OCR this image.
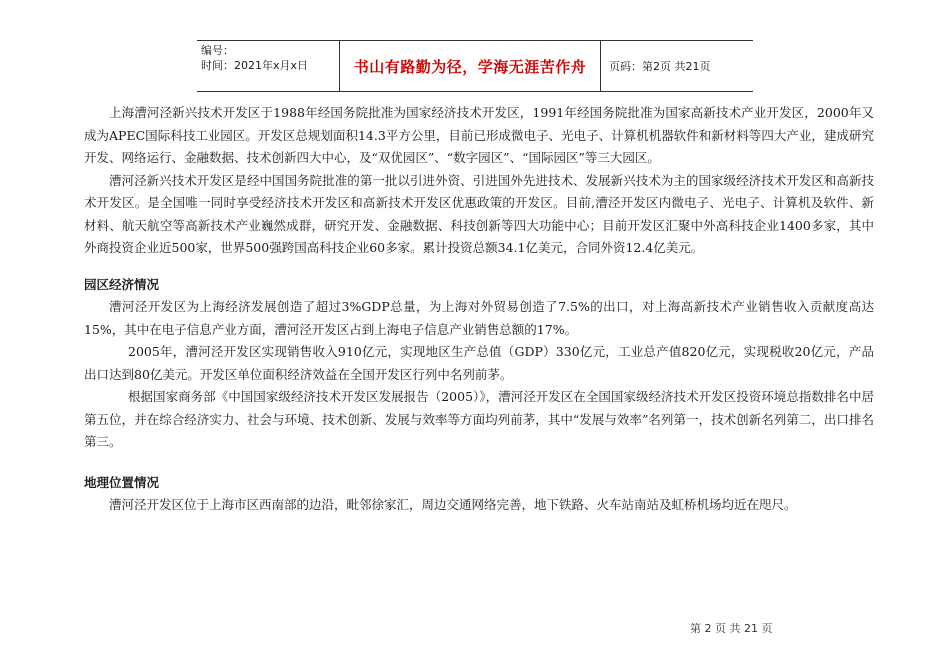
编号：
时间：2021年x月x日	书山有路勤为径，学海无涯苦作舟	页码：第2页 共21页

上海漕河泾新兴技术开发区于1988年经国务院批准为国家经济技术开发区，1991年经国务院批准为国家高新技术产业开发区，2000年又成为APEC国际科技工业园区。开发区总规划面积14.3平方公里，目前已形成微电子、光电子、计算机机器软件和新材料等四大产业，建成研究开发、网络运行、金融数据、技术创新四大中心，及“双优园区”、“数字园区”、“国际园区”等三大园区。

漕河泾新兴技术开发区是经中国国务院批准的第一批以引进外资、引进国外先进技术、发展新兴技术为主的国家级经济技术开发区和高新技术开发区。是全国唯一同时享受经济技术开发区和高新技术开发区优惠政策的开发区。目前,漕泾开发区内微电子、光电子、计算机及软件、新材料、航天航空等高新技术产业巍然成群，研究开发、金融数据、科技创新等四大功能中心；目前开发区汇聚中外高科技企业1400多家，其中外商投资企业近500家，世界500强跨国高科技企业60多家。累计投资总额34.1亿美元，合同外资12.4亿美元。

园区经济情况

漕河泾开发区为上海经济发展创造了超过3%GDP总量，为上海对外贸易创造了7.5%的出口，对上海高新技术产业销售收入贡献度高达15%，其中在电子信息产业方面，漕河泾开发区占到上海电子信息产业销售总额的17%。

2005年，漕河泾开发区实现销售收入910亿元，实现地区生产总值（GDP）330亿元，工业总产值820亿元，实现税收20亿元，产品出口达到80亿美元。开发区单位面积经济效益在全国开发区行列中名列前茅。

根据国家商务部《中国国家级经济技术开发区发展报告（2005）》，漕河泾开发区在全国国家级经济技术开发区投资环境总指数排名中居第五位，并在综合经济实力、社会与环境、技术创新、发展与效率等方面均列前茅，其中“发展与效率”名列第一，技术创新名列第二，出口排名第三。

地理位置情况

漕河泾开发区位于上海市区西南部的边沿，毗邻徐家汇，周边交通网络完善，地下铁路、火车站南站及虹桥机场均近在咫尺。

第 2 页 共 21 页
